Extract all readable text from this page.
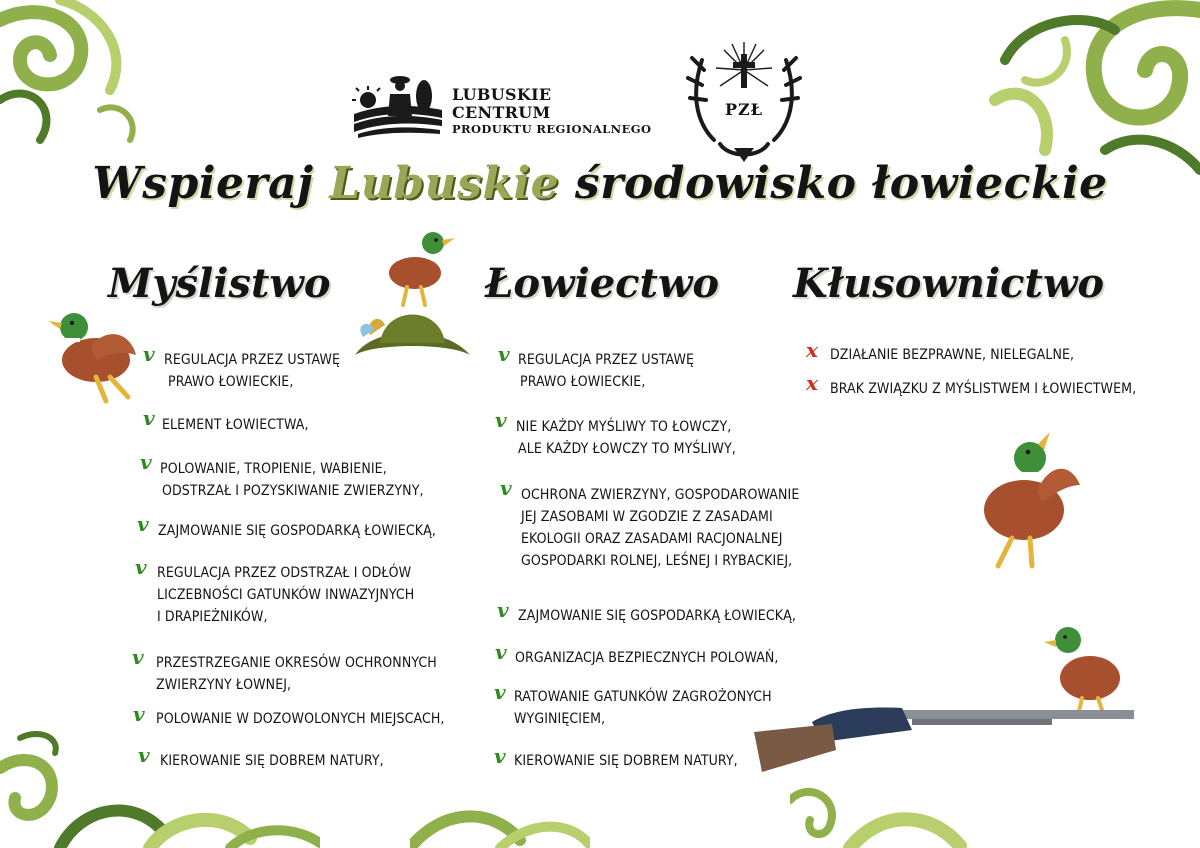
LUBUSKIE CENTRUM
PRODUKTU REGIONALNEGO
PZŁ
Wspieraj Lubuskie środowisko łowieckie
Myślistwo	Łowiectwo Kłusownictwo
v REGULACJA PRZEZ USTAWĘ
PRAWO ŁOWIECKIE,
v ELEMENT ŁOWIECTWA,
v POLOWANIE, TROPIENIE, WABIENIE,
ODSTRZAŁ I POZYSKIWANIE ZWIERZYNY,
v ZAJMOWANIE SIĘ GOSPODARKĄ ŁOWIECKĄ,
v REGULACJA PRZEZ ODSTRZAŁ I ODŁÓW
LICZEBNOŚCI GATUNKÓW INWAZYJNYCH
I DRAPIEŻNIKÓW,
v PRZESTRZEGANIE OKRESÓW OCHRONNYCH
ZWIERZYNY ŁOWNEJ,
v POLOWANIE W DOZOWOLONYCH MIEJSCACH,
v KIEROWANIE SIĘ DOBREM NATURY,
v REGULACJA PRZEZ USTAWĘ
PRAWO ŁOWIECKIE,
v NIE KAŻDY MYŚLIWY TO ŁOWCZY,
ALE KAŻDY ŁOWCZY TO MYŚLIWY,
v OCHRONA ZWIERZYNY, GOSPODAROWANIE
JEJ ZASOBAMI W ZGODZIE Z ZASADAMI
EKOLOGII ORAZ ZASADAMI RACJONALNEJ
GOSPODARKI ROLNEJ, LEŚNEJ I RYBACKIEJ,
v ZAJMOWANIE SIĘ GOSPODARKĄ ŁOWIECKĄ,
v ORGANIZACJA BEZPIECZNYCH POLOWAŃ,
v RATOWANIE GATUNKÓW ZAGROŻONYCH
WYGINIĘCIEM,
v KIEROWANIE SIĘ DOBREM NATURY,
x DZIAŁANIE BEZPRAWNE, NIELEGALNE,
x BRAK ZWIĄZKU Z MYŚLISTWEM I ŁOWIECTWEM,
